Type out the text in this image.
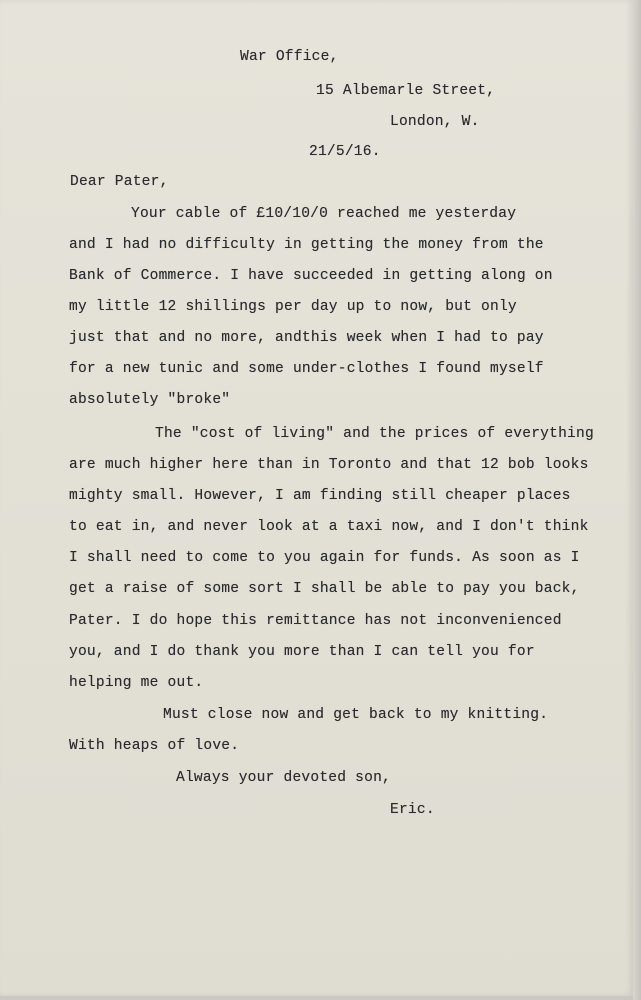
War Office,
15 Albemarle Street,
London, W.
21/5/16.
Dear Pater,
Your cable of £10/10/0 reached me yesterday
and I had no difficulty in getting the money from the
Bank of Commerce. I have succeeded in getting along on
my little 12 shillings per day up to now, but only
just that and no more, andthis week when I had to pay
for a new tunic and some under-clothes I found myself
absolutely "broke"
The "cost of living" and the prices of everything
are much higher here than in Toronto and that 12 bob looks
mighty small. However, I am finding still cheaper places
to eat in, and never look at a taxi now, and I don't think
I shall need to come to you again for funds. As soon as I
get a raise of some sort I shall be able to pay you back,
Pater. I do hope this remittance has not inconvenienced
you, and I do thank you more than I can tell you for
helping me out.
Must close now and get back to my knitting.
With heaps of love.
Always your devoted son,
Eric.
